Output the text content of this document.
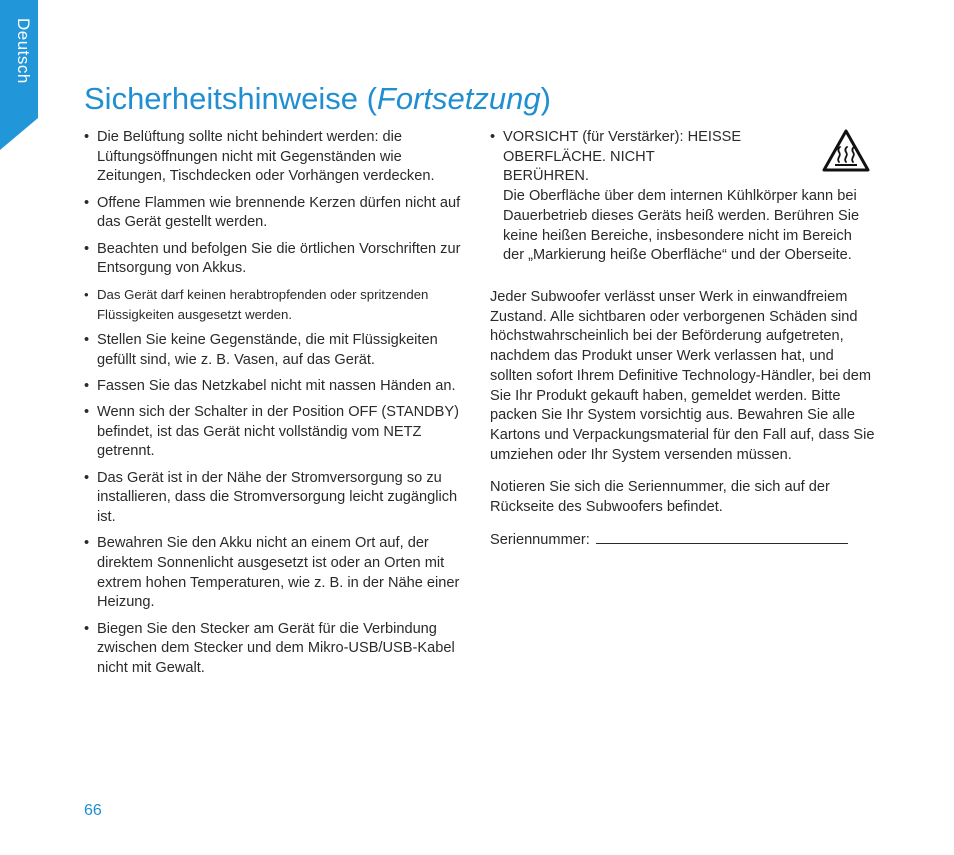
Deutsch
Sicherheitshinweise (Fortsetzung)
• Die Belüftung sollte nicht behindert werden: die Lüftungsöffnungen nicht mit Gegenständen wie Zeitungen, Tischdecken oder Vorhängen verdecken.
• Offene Flammen wie brennende Kerzen dürfen nicht auf das Gerät gestellt werden.
• Beachten und befolgen Sie die örtlichen Vorschriften zur Entsorgung von Akkus.
• Das Gerät darf keinen herabtropfenden oder spritzenden Flüssigkeiten ausgesetzt werden.
• Stellen Sie keine Gegenstände, die mit Flüssigkeiten gefüllt sind, wie z. B. Vasen, auf das Gerät.
• Fassen Sie das Netzkabel nicht mit nassen Händen an.
• Wenn sich der Schalter in der Position OFF (STANDBY) befindet, ist das Gerät nicht vollständig vom NETZ getrennt.
• Das Gerät ist in der Nähe der Stromversorgung so zu installieren, dass die Stromversorgung leicht zugänglich ist.
• Bewahren Sie den Akku nicht an einem Ort auf, der direktem Sonnenlicht ausgesetzt ist oder an Orten mit extrem hohen Temperaturen, wie z. B. in der Nähe einer Heizung.
• Biegen Sie den Stecker am Gerät für die Verbindung zwischen dem Stecker und dem Mikro-USB/USB-Kabel nicht mit Gewalt.
• VORSICHT (für Verstärker): HEISSE OBERFLÄCHE. NICHT BERÜHREN.
Die Oberfläche über dem internen Kühlkörper kann bei Dauerbetrieb dieses Geräts heiß werden. Berühren Sie keine heißen Bereiche, insbesondere nicht im Bereich der „Markierung heiße Oberfläche“ und der Oberseite.

Jeder Subwoofer verlässt unser Werk in einwandfreiem Zustand. Alle sichtbaren oder verborgenen Schäden sind höchstwahrscheinlich bei der Beförderung aufgetreten, nachdem das Produkt unser Werk verlassen hat, und sollten sofort Ihrem Definitive Technology-Händler, bei dem Sie Ihr Produkt gekauft haben, gemeldet werden. Bitte packen Sie Ihr System vorsichtig aus. Bewahren Sie alle Kartons und Verpackungsmaterial für den Fall auf, dass Sie umziehen oder Ihr System versenden müssen.

Notieren Sie sich die Seriennummer, die sich auf der Rückseite des Subwoofers befindet.

Seriennummer:

66
